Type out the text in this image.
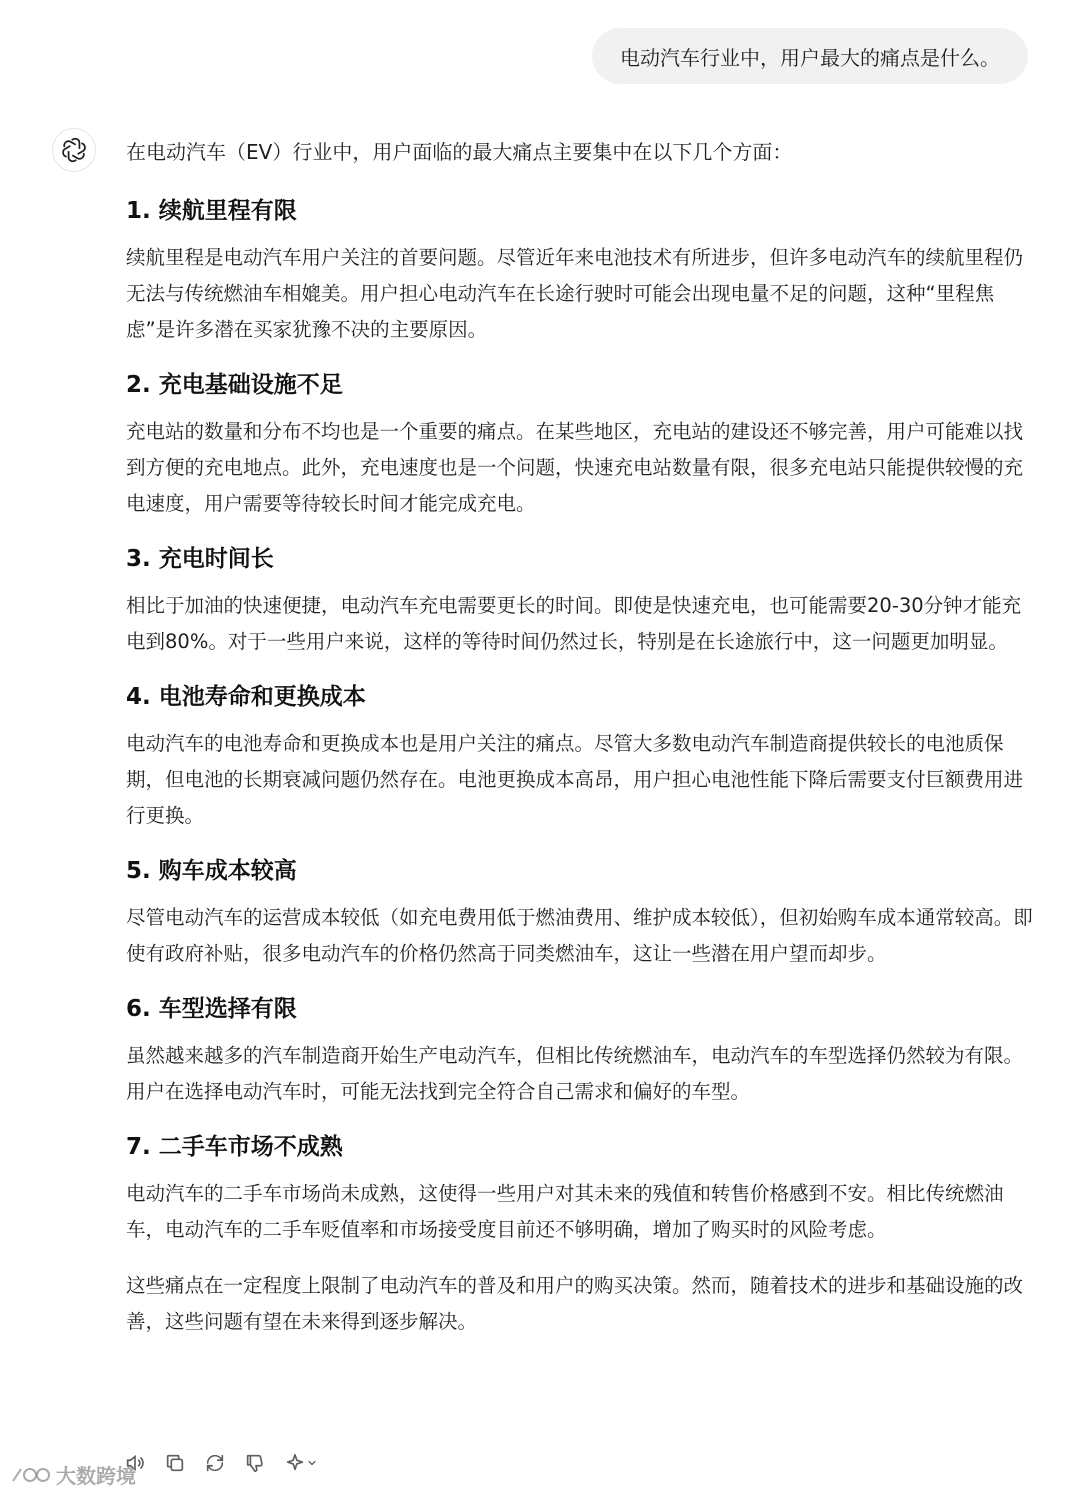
电动汽车行业中，用户最大的痛点是什么。

在电动汽车（EV）行业中，用户面临的最大痛点主要集中在以下几个方面：

1. 续航里程有限

续航里程是电动汽车用户关注的首要问题。尽管近年来电池技术有所进步，但许多电动汽车的续航里程仍无法与传统燃油车相媲美。用户担心电动汽车在长途行驶时可能会出现电量不足的问题，这种“里程焦虑”是许多潜在买家犹豫不决的主要原因。

2. 充电基础设施不足

充电站的数量和分布不均也是一个重要的痛点。在某些地区，充电站的建设还不够完善，用户可能难以找到方便的充电地点。此外，充电速度也是一个问题，快速充电站数量有限，很多充电站只能提供较慢的充电速度，用户需要等待较长时间才能完成充电。

3. 充电时间长

相比于加油的快速便捷，电动汽车充电需要更长的时间。即使是快速充电，也可能需要20-30分钟才能充电到80%。对于一些用户来说，这样的等待时间仍然过长，特别是在长途旅行中，这一问题更加明显。

4. 电池寿命和更换成本

电动汽车的电池寿命和更换成本也是用户关注的痛点。尽管大多数电动汽车制造商提供较长的电池质保期，但电池的长期衰减问题仍然存在。电池更换成本高昂，用户担心电池性能下降后需要支付巨额费用进行更换。

5. 购车成本较高

尽管电动汽车的运营成本较低（如充电费用低于燃油费用、维护成本较低），但初始购车成本通常较高。即使有政府补贴，很多电动汽车的价格仍然高于同类燃油车，这让一些潜在用户望而却步。

6. 车型选择有限

虽然越来越多的汽车制造商开始生产电动汽车，但相比传统燃油车，电动汽车的车型选择仍然较为有限。用户在选择电动汽车时，可能无法找到完全符合自己需求和偏好的车型。

7. 二手车市场不成熟

电动汽车的二手车市场尚未成熟，这使得一些用户对其未来的残值和转售价格感到不安。相比传统燃油车，电动汽车的二手车贬值率和市场接受度目前还不够明确，增加了购买时的风险考虑。

这些痛点在一定程度上限制了电动汽车的普及和用户的购买决策。然而，随着技术的进步和基础设施的改善，这些问题有望在未来得到逐步解决。

大数跨境
